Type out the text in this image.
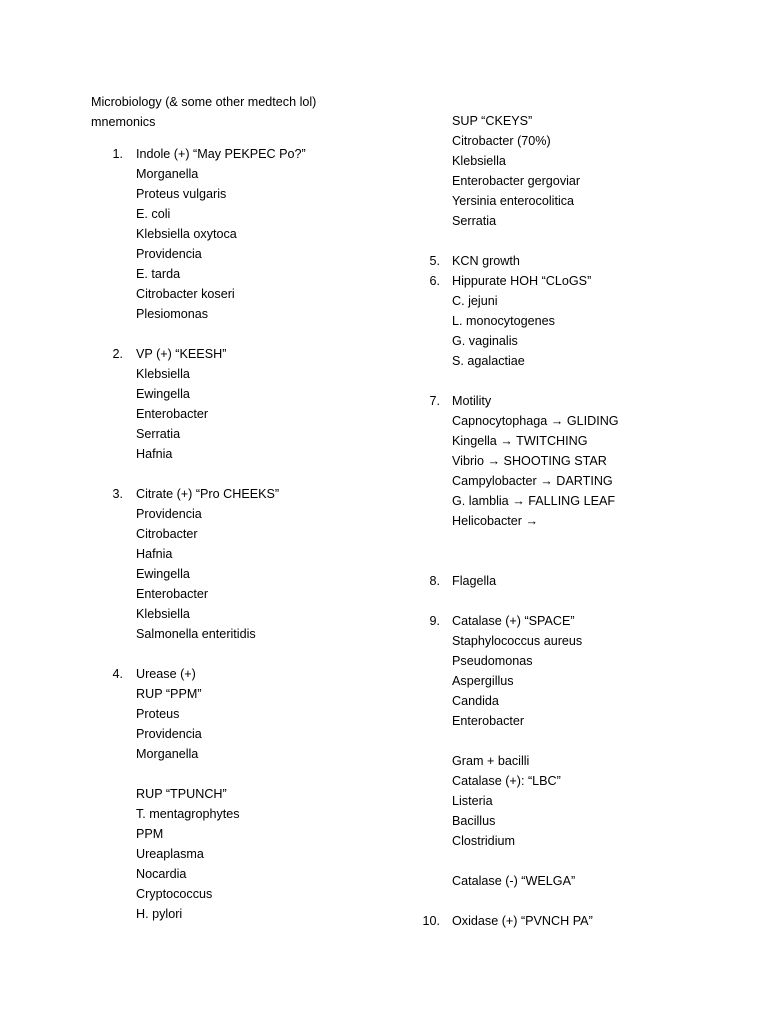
Microbiology (& some other medtech lol)
mnemonics
1. Indole (+) “May PEKPEC Po?”
Morganella
Proteus vulgaris
E. coli
Klebsiella oxytoca
Providencia
E. tarda
Citrobacter koseri
Plesiomonas
2. VP (+) “KEESH”
Klebsiella
Ewingella
Enterobacter
Serratia
Hafnia
3. Citrate (+) “Pro CHEEKS”
Providencia
Citrobacter
Hafnia
Ewingella
Enterobacter
Klebsiella
Salmonella enteritidis
4. Urease (+)
RUP “PPM”
Proteus
Providencia
Morganella
RUP “TPUNCH”
T. mentagrophytes
PPM
Ureaplasma
Nocardia
Cryptococcus
H. pylori
SUP “CKEYS”
Citrobacter (70%)
Klebsiella
Enterobacter gergoviar
Yersinia enterocolitica
Serratia
5. KCN growth
6. Hippurate HOH “CLoGS”
C. jejuni
L. monocytogenes
G. vaginalis
S. agalactiae
7. Motility
Capnocytophaga → GLIDING
Kingella → TWITCHING
Vibrio → SHOOTING STAR
Campylobacter → DARTING
G. lamblia → FALLING LEAF
Helicobacter →
8. Flagella
9. Catalase (+) “SPACE”
Staphylococcus aureus
Pseudomonas
Aspergillus
Candida
Enterobacter
Gram + bacilli
Catalase (+): “LBC”
Listeria
Bacillus
Clostridium
Catalase (-) “WELGA”
10. Oxidase (+) “PVNCH PA”
